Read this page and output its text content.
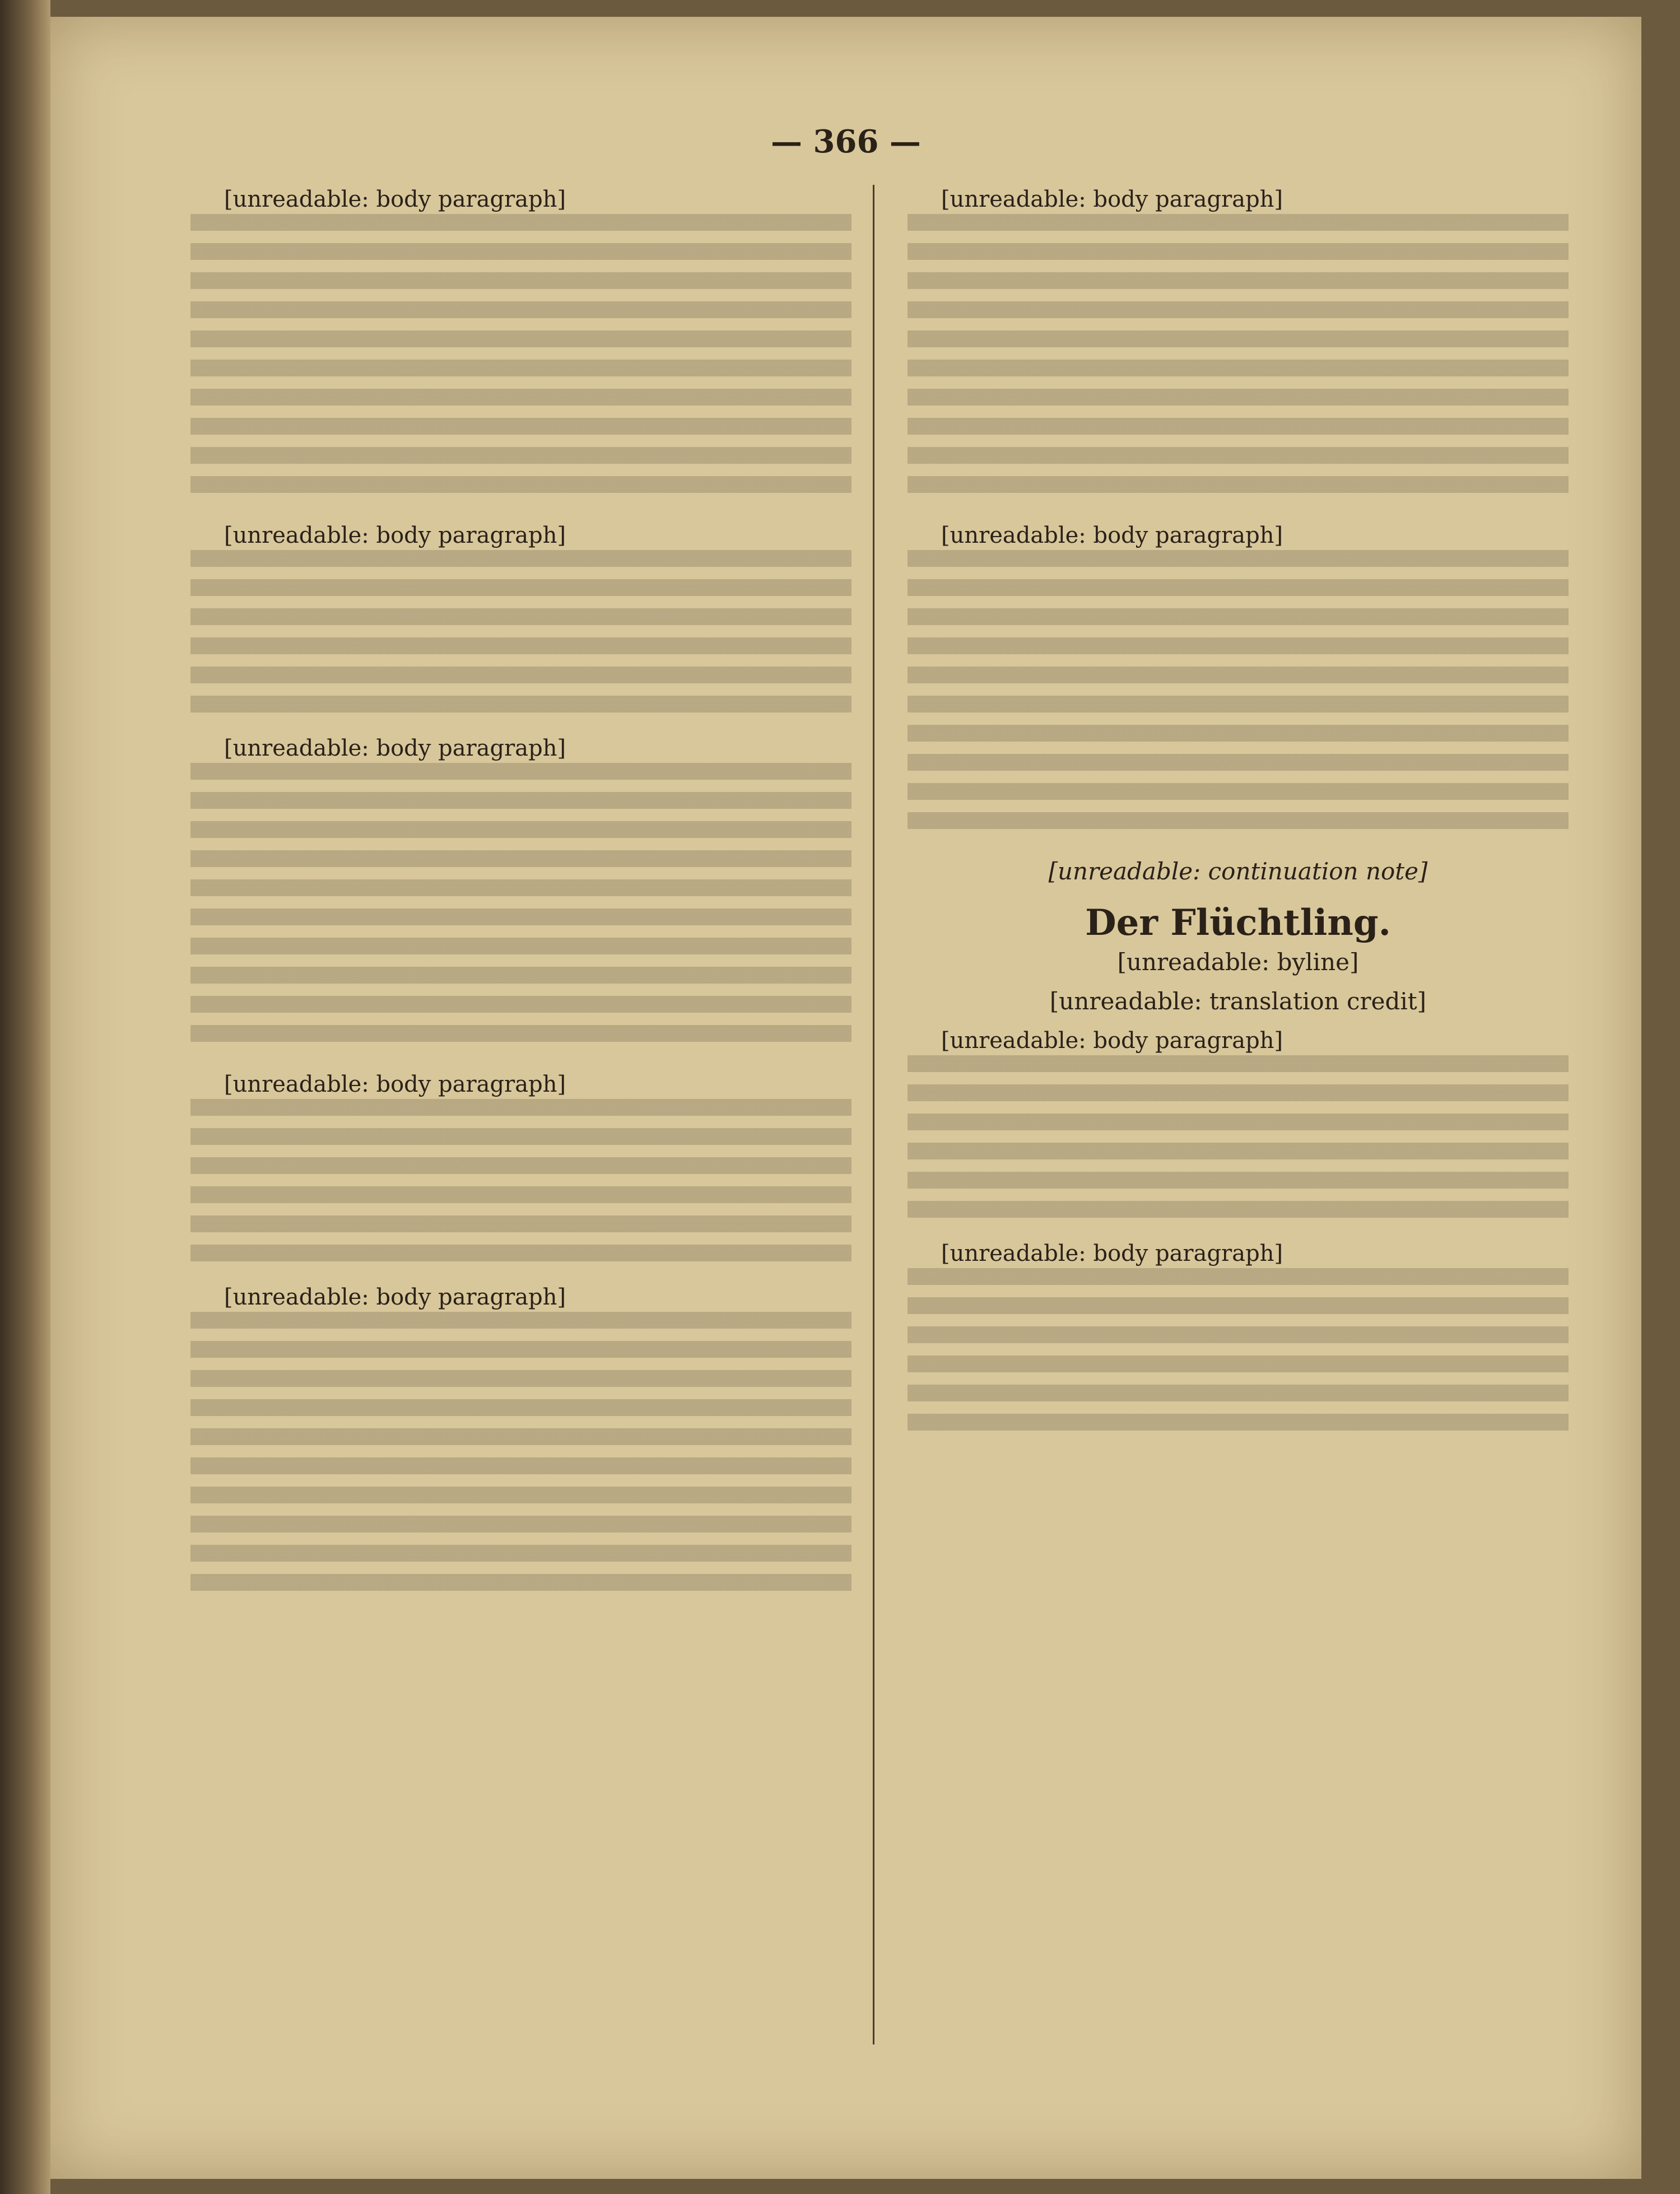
— 366 —

[unreadable: body paragraph]

[unreadable: body paragraph]

[unreadable: body paragraph]

[unreadable: body paragraph]

[unreadable: body paragraph]

[unreadable: body paragraph]

[unreadable: body paragraph]

[unreadable: continuation note]

Der Flüchtling.

[unreadable: byline]

[unreadable: translation credit]

[unreadable: body paragraph]

[unreadable: body paragraph]
